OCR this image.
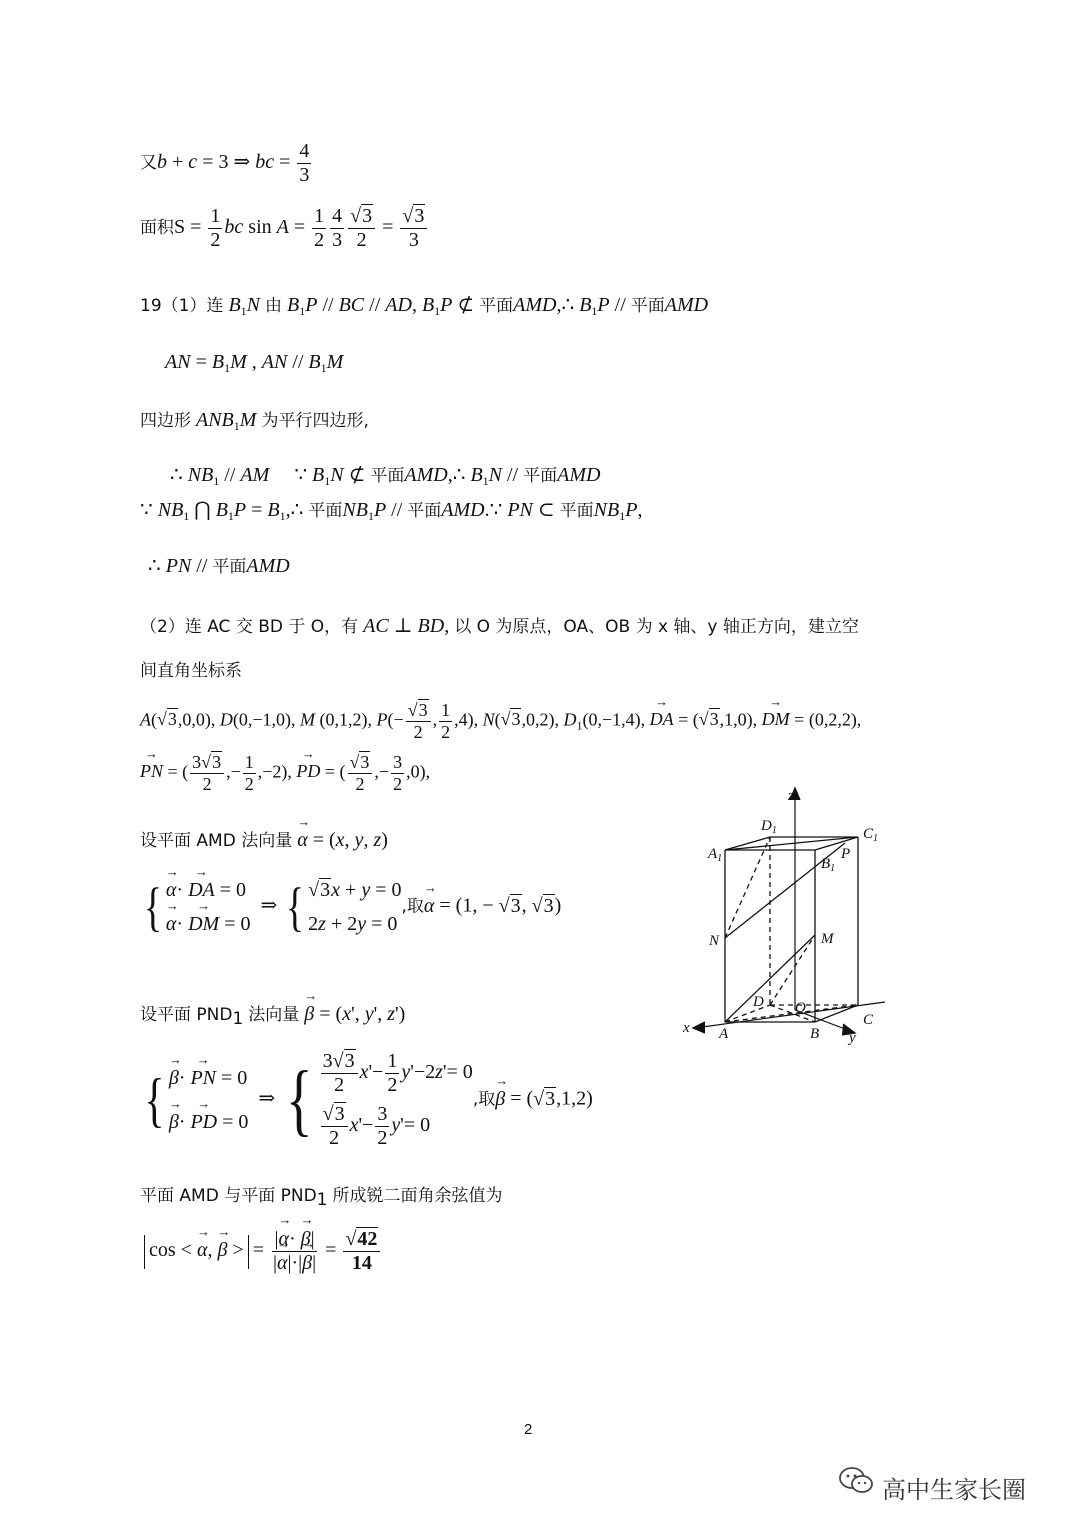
又b + c = 3 ⇒ bc = $\frac{4}{3}$
面积$S = \frac{1}{2}$ bc $\sin A = \frac{1}{2} \frac{4}{3} \frac{√3}{2} = \frac{√3}{3}$
19（1）连 $B_1N$ 由 $B_1P$ // BC // AD, $B_1P$ ⊄ 平面AMD,∴ $B_1P$ // 平面AMD
AN = $B_1M$ , AN // $B_1M$
四边形 $ANB_1M$ 为平行四边形,
∴ $NB_1$ // AM     ∵ $B_1N$ ⊄ 平面AMD,∴ $B_1N$ // 平面AMD
∵ $NB_1$ ⋂ $B_1P$ = $B_1,\therefore$ 平面$NB_1P$ // 平面AMD.∵ PN ⊂ 平面$NB_1P$,
∴ PN // 平面AMD
（2）连 AC 交 BD 于 O，有 AC ⊥ BD, 以 O 为原点，OA、OB 为 x 轴、y 轴正方向，建立空
间直角坐标系
A(√3,0,0), D(0,−1,0), M (0,1,2), $P(- \frac{√3}{2}$ , $\frac{1}{2} ,4$), N(√3,0,2), $D_1(0,-1,4)$, → DA = (√3,1,0), → DM = (0,2,2),
→ PN = ( $\frac{3√3}{2}$ ,− $\frac{1}{2} ,-2$), → PD = ( $\frac{√3}{2}$ ,− $\frac{3}{2} ,0$),
设平面 AMD 法向量 → α = (x, y, z)
{ → α· → DA = 0
→ α· → DM = 0
⇒ { √3x + y = 0
2z + 2y = 0
,取→ α = (1, − √3, √3)
设平面 $PND_1$ 法向量 → β = (x', y', z')
{ → β· → PN = 0
→ β· → PD = 0
⇒ { $\frac{3√3}{2} x'- \frac{1}{2} y'-2z'= 0$
$\frac{√3}{2} x'- \frac{3}{2} y'= 0$
,取→ β = (√3,1,2)
平面 AMD 与平面 $PND_1$ 所成锐二面角余弦值为
cos < → α, → β > = $\frac{|\to \alpha\cdot \to \beta|}{|\to \alpha|\cdot|\to \beta|} = \frac{√42}{14}$
z
$D_1$	$C_1$
$A_1$	P
$B_1$
N	M
D O
x A	B y
C
2
高中生家长圈
